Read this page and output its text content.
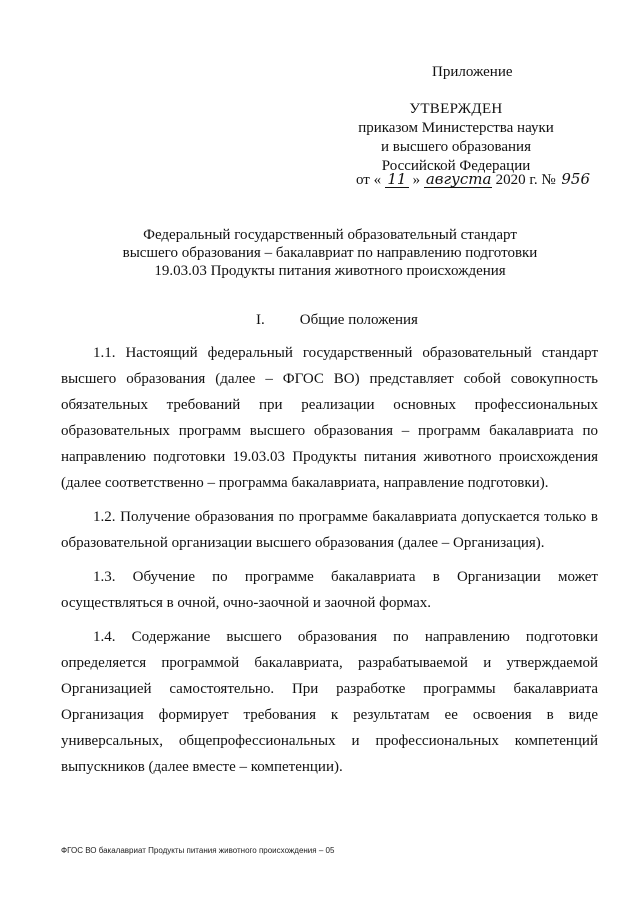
Приложение
УТВЕРЖДЕН
приказом Министерства науки
и высшего образования
Российской Федерации
от « 11 » августа 2020 г. № 956
Федеральный государственный образовательный стандарт
высшего образования – бакалавриат по направлению подготовки
19.03.03 Продукты питания животного происхождения
I. Общие положения

1.1. Настоящий федеральный государственный образовательный стандарт высшего образования (далее – ФГОС ВО) представляет собой совокупность обязательных требований при реализации основных профессиональных образовательных программ высшего образования – программ бакалавриата по направлению подготовки 19.03.03 Продукты питания животного происхождения (далее соответственно – программа бакалавриата, направление подготовки).

1.2. Получение образования по программе бакалавриата допускается только в образовательной организации высшего образования (далее – Организация).

1.3. Обучение по программе бакалавриата в Организации может осуществляться в очной, очно-заочной и заочной формах.

1.4. Содержание высшего образования по направлению подготовки определяется программой бакалавриата, разрабатываемой и утверждаемой Организацией самостоятельно. При разработке программы бакалавриата Организация формирует требования к результатам ее освоения в виде универсальных, общепрофессиональных и профессиональных компетенций выпускников (далее вместе – компетенции).

ФГОС ВО бакалавриат Продукты питания животного происхождения – 05
